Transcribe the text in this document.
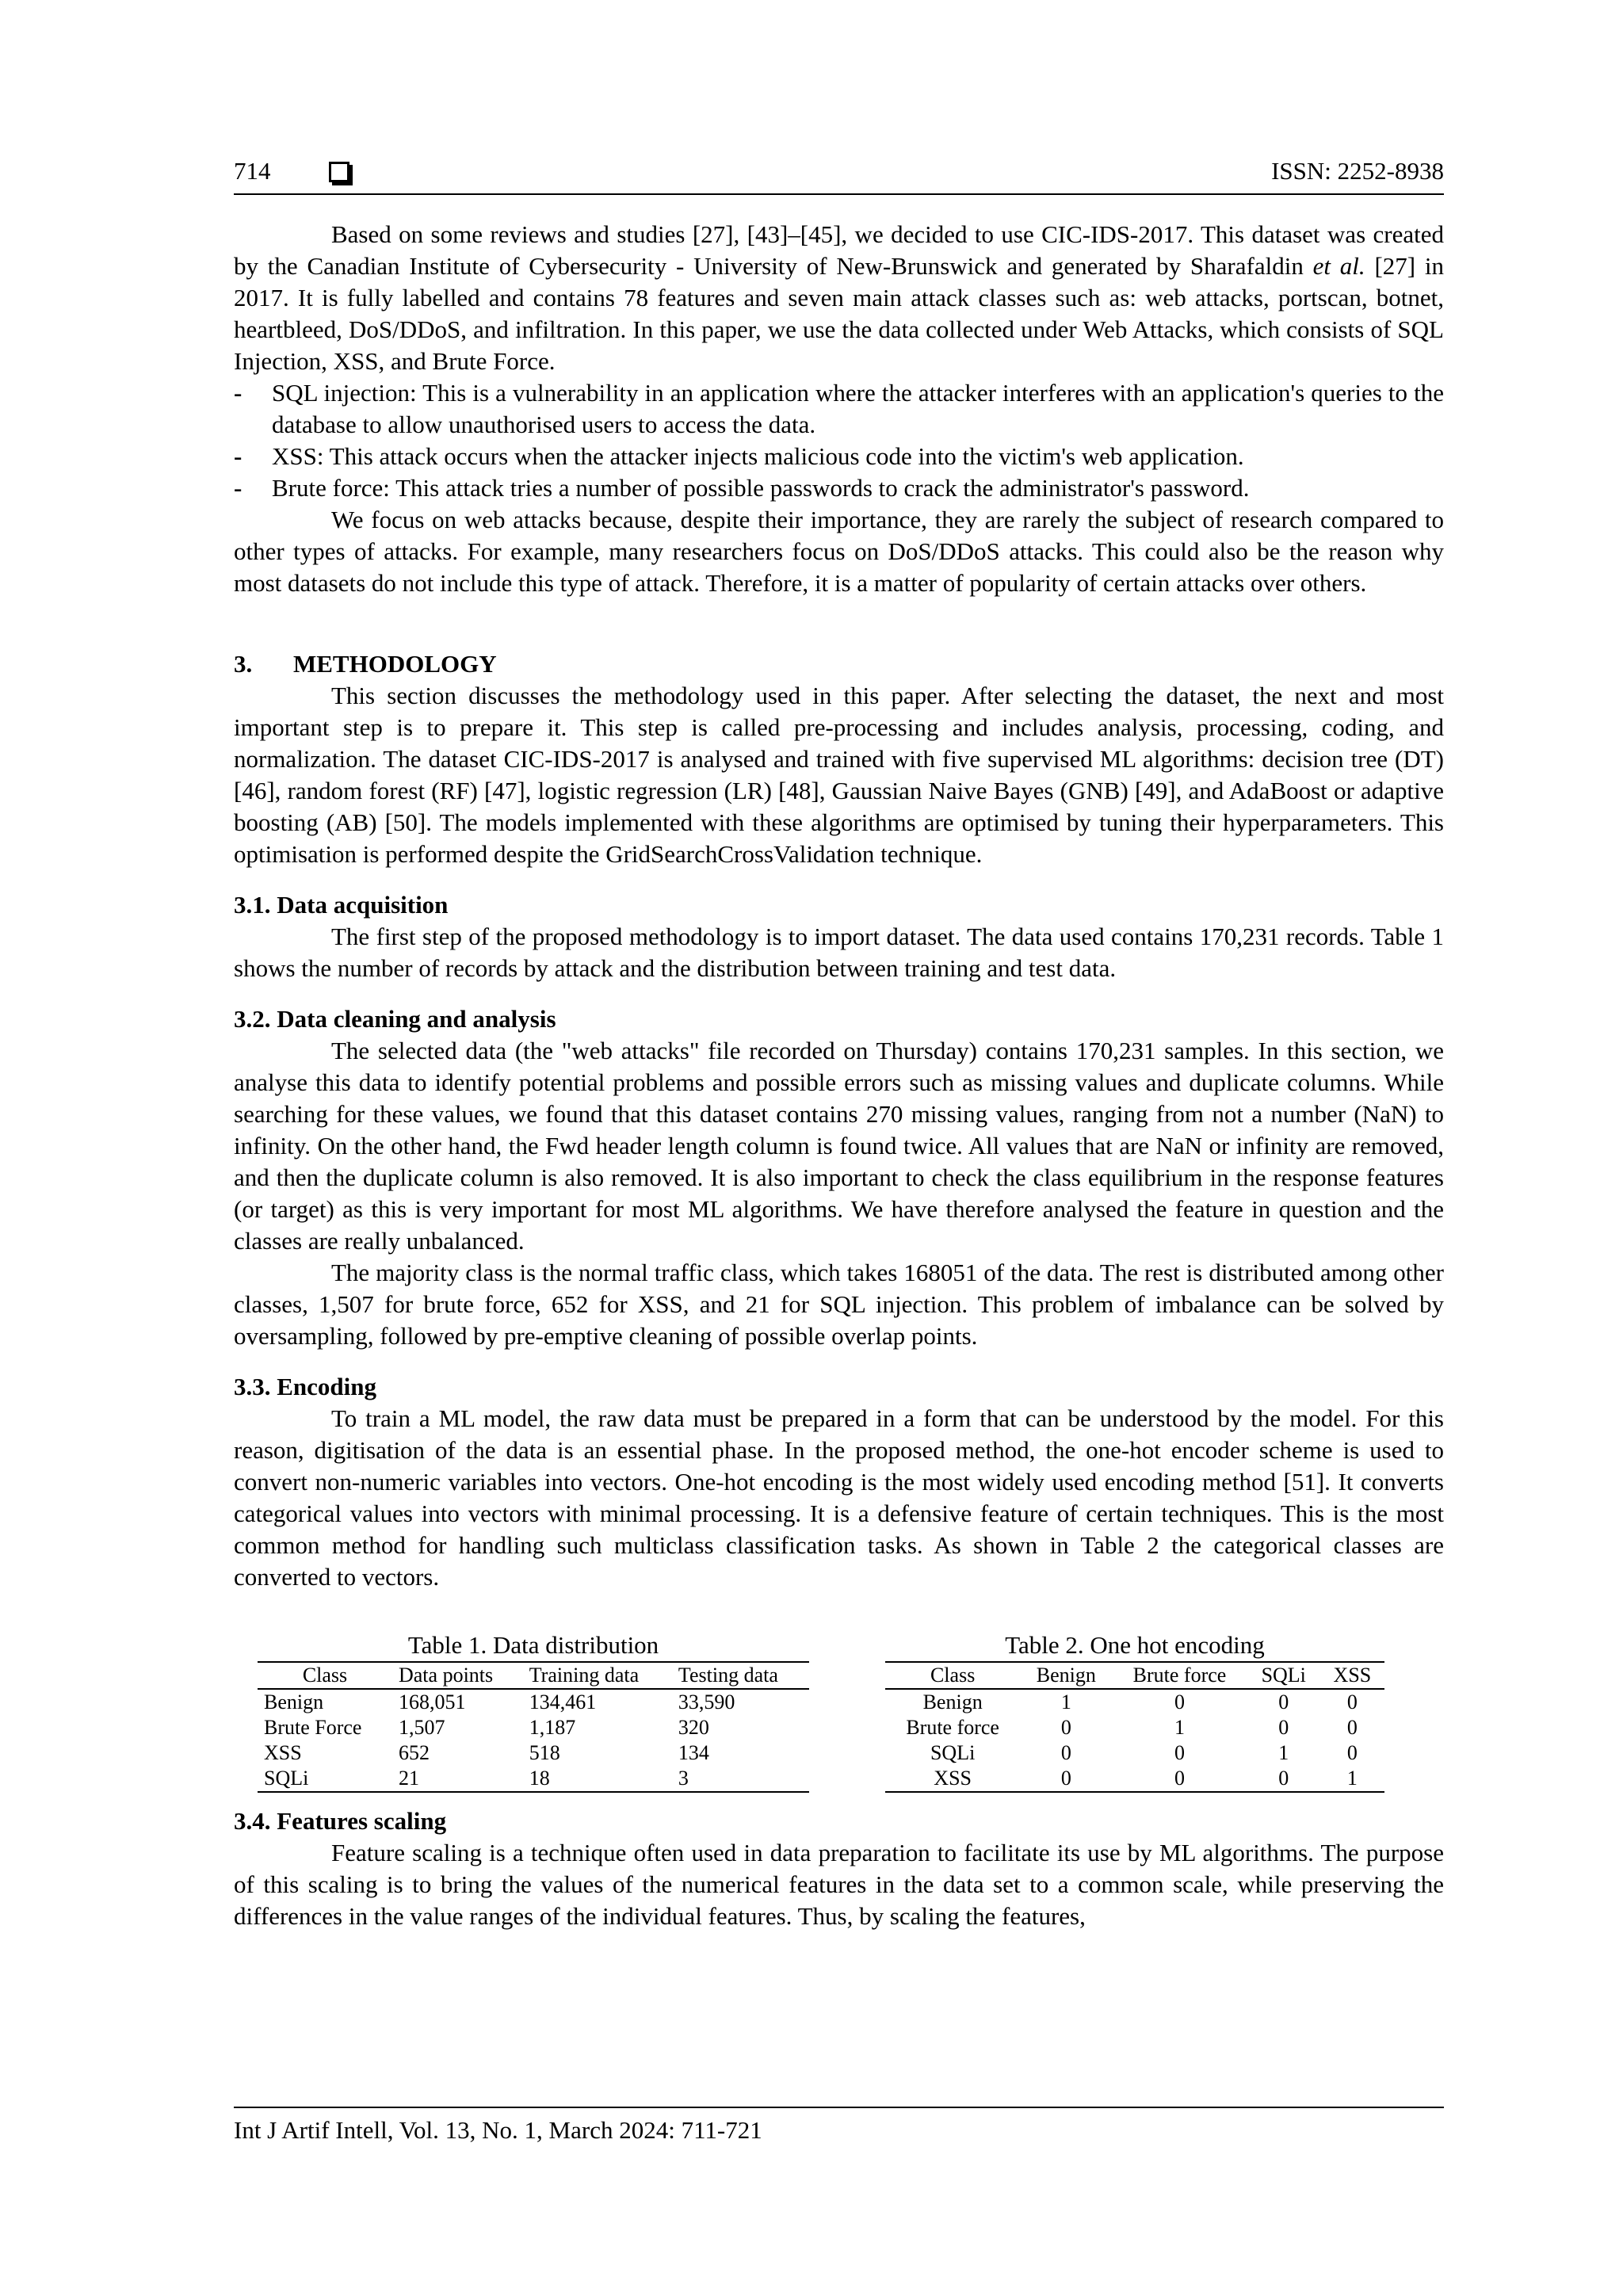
714	ISSN: 2252-8938

Based on some reviews and studies [27], [43]–[45], we decided to use CIC-IDS-2017. This dataset was created by the Canadian Institute of Cybersecurity - University of New-Brunswick and generated by Sharafaldin et al. [27] in 2017. It is fully labelled and contains 78 features and seven main attack classes such as: web attacks, portscan, botnet, heartbleed, DoS/DDoS, and infiltration. In this paper, we use the data collected under Web Attacks, which consists of SQL Injection, XSS, and Brute Force.

- SQL injection: This is a vulnerability in an application where the attacker interferes with an application's queries to the database to allow unauthorised users to access the data.
- XSS: This attack occurs when the attacker injects malicious code into the victim's web application.
- Brute force: This attack tries a number of possible passwords to crack the administrator's password.

We focus on web attacks because, despite their importance, they are rarely the subject of research compared to other types of attacks. For example, many researchers focus on DoS/DDoS attacks. This could also be the reason why most datasets do not include this type of attack. Therefore, it is a matter of popularity of certain attacks over others.

3. METHODOLOGY

This section discusses the methodology used in this paper. After selecting the dataset, the next and most important step is to prepare it. This step is called pre-processing and includes analysis, processing, coding, and normalization. The dataset CIC-IDS-2017 is analysed and trained with five supervised ML algorithms: decision tree (DT) [46], random forest (RF) [47], logistic regression (LR) [48], Gaussian Naive Bayes (GNB) [49], and AdaBoost or adaptive boosting (AB) [50]. The models implemented with these algorithms are optimised by tuning their hyperparameters. This optimisation is performed despite the GridSearchCrossValidation technique.

3.1. Data acquisition

The first step of the proposed methodology is to import dataset. The data used contains 170,231 records. Table 1 shows the number of records by attack and the distribution between training and test data.

3.2. Data cleaning and analysis

The selected data (the "web attacks" file recorded on Thursday) contains 170,231 samples. In this section, we analyse this data to identify potential problems and possible errors such as missing values and duplicate columns. While searching for these values, we found that this dataset contains 270 missing values, ranging from not a number (NaN) to infinity. On the other hand, the Fwd header length column is found twice. All values that are NaN or infinity are removed, and then the duplicate column is also removed. It is also important to check the class equilibrium in the response features (or target) as this is very important for most ML algorithms. We have therefore analysed the feature in question and the classes are really unbalanced.

The majority class is the normal traffic class, which takes 168051 of the data. The rest is distributed among other classes, 1,507 for brute force, 652 for XSS, and 21 for SQL injection. This problem of imbalance can be solved by oversampling, followed by pre-emptive cleaning of possible overlap points.

3.3. Encoding

To train a ML model, the raw data must be prepared in a form that can be understood by the model. For this reason, digitisation of the data is an essential phase. In the proposed method, the one-hot encoder scheme is used to convert non-numeric variables into vectors. One-hot encoding is the most widely used encoding method [51]. It converts categorical values into vectors with minimal processing. It is a defensive feature of certain techniques. This is the most common method for handling such multiclass classification tasks. As shown in Table 2 the categorical classes are converted to vectors.

Table 1. Data distribution
Class	Data points	Training data	Testing data
Benign	168,051	134,461	33,590
Brute Force	1,507	1,187	320
XSS	652	518	134
SQLi	21	18	3
Table 2. One hot encoding
Class	Benign	Brute force	SQLi	XSS
Benign	1	0	0	0
Brute force	0	1	0	0
SQLi	0	0	1	0
XSS	0	0	0	1
3.4. Features scaling

Feature scaling is a technique often used in data preparation to facilitate its use by ML algorithms. The purpose of this scaling is to bring the values of the numerical features in the data set to a common scale, while preserving the differences in the value ranges of the individual features. Thus, by scaling the features,

Int J Artif Intell, Vol. 13, No. 1, March 2024: 711-721
